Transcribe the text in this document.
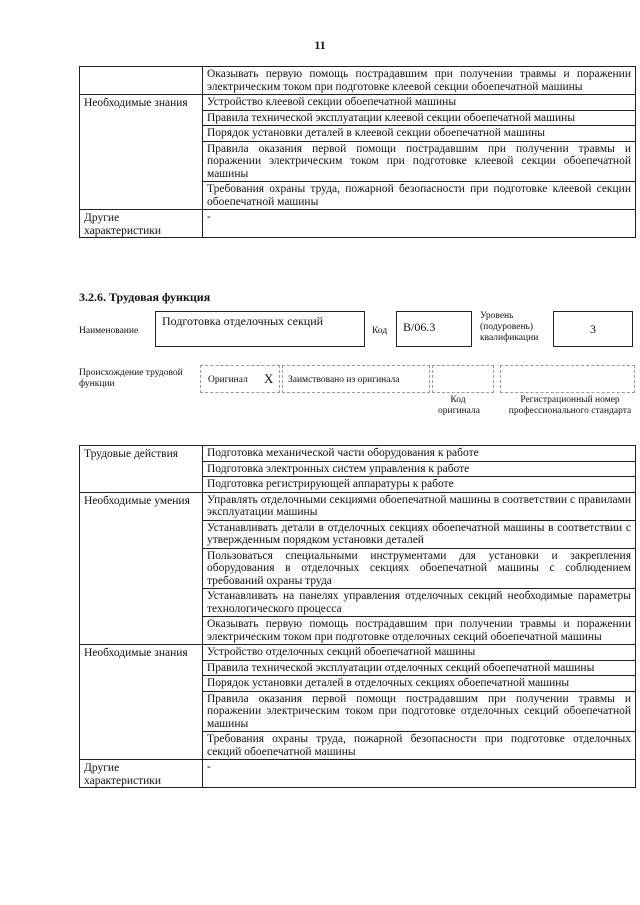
11

	Оказывать первую помощь пострадавшим при получении травмы и поражении электрическим током при подготовке клеевой секции обоепечатной машины

Необходимые знания	Устройство клеевой секции обоепечатной машины
Правила технической эксплуатации клеевой секции обоепечатной машины
Порядок установки деталей в клеевой секции обоепечатной машины
Правила оказания первой помощи пострадавшим при получении травмы и поражении электрическим током при подготовке клеевой секции обоепечатной машины
Требования охраны труда, пожарной безопасности при подготовке клеевой секции обоепечатной машины

Другие характеристики	-
3.2.6. Трудовая функция
Наименование
Подготовка отделочных секций
Код	B/06.3
Уровень (подуровень) квалификации
3
Происхождение трудовой функции	Оригинал X Заимствовано из оригинала
Код оригинала
Регистрационный номер профессионального стандарта
Трудовые действия	Подготовка механической части оборудования к работе
Подготовка электронных систем управления к работе
Подготовка регистрирующей аппаратуры к работе

Необходимые умения	Управлять отделочными секциями обоепечатной машины в соответствии с правилами эксплуатации машины
Устанавливать детали в отделочных секциях обоепечатной машины в соответствии с утвержденным порядком установки деталей
Пользоваться специальными инструментами для установки и закрепления оборудования в отделочных секциях обоепечатной машины с соблюдением требований охраны труда
Устанавливать на панелях управления отделочных секций необходимые параметры технологического процесса
Оказывать первую помощь пострадавшим при получении травмы и поражении электрическим током при подготовке отделочных секций обоепечатной машины

Необходимые знания	Устройство отделочных секций обоепечатной машины
Правила технической эксплуатации отделочных секций обоепечатной машины
Порядок установки деталей в отделочных секциях обоепечатной машины
Правила оказания первой помощи пострадавшим при получении травмы и поражении электрическим током при подготовке отделочных секций обоепечатной машины
Требования охраны труда, пожарной безопасности при подготовке отделочных секций обоепечатной машины

Другие характеристики	-
